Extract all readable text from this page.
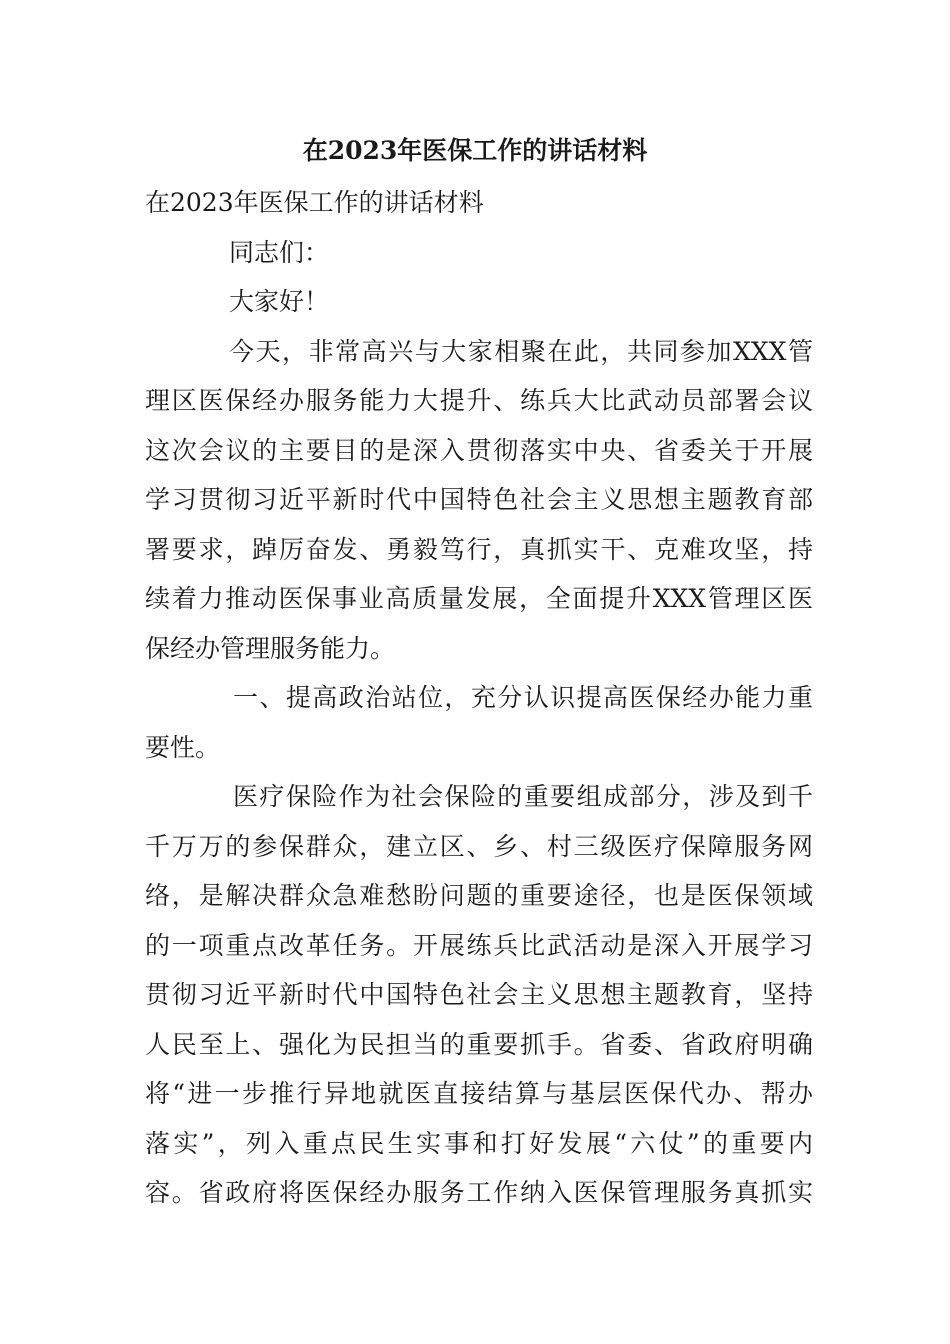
在2023年医保工作的讲话材料

在2023年医保工作的讲话材料

同志们：

大家好！

今天，非常高兴与大家相聚在此，共同参加XXX管
理区医保经办服务能力大提升、练兵大比武动员部署会议
这次会议的主要目的是深入贯彻落实中央、省委关于开展
学习贯彻习近平新时代中国特色社会主义思想主题教育部
署要求，踔厉奋发、勇毅笃行，真抓实干、克难攻坚，持
续着力推动医保事业高质量发展，全面提升XXX管理区医
保经办管理服务能力。

一、提高政治站位，充分认识提高医保经办能力重
要性。

医疗保险作为社会保险的重要组成部分，涉及到千
千万万的参保群众，建立区、乡、村三级医疗保障服务网
络，是解决群众急难愁盼问题的重要途径，也是医保领域
的一项重点改革任务。开展练兵比武活动是深入开展学习
贯彻习近平新时代中国特色社会主义思想主题教育，坚持
人民至上、强化为民担当的重要抓手。省委、省政府明确
将“进一步推行异地就医直接结算与基层医保代办、帮办
落实”，列入重点民生实事和打好发展“六仗”的重要内
容。省政府将医保经办服务工作纳入医保管理服务真抓实
